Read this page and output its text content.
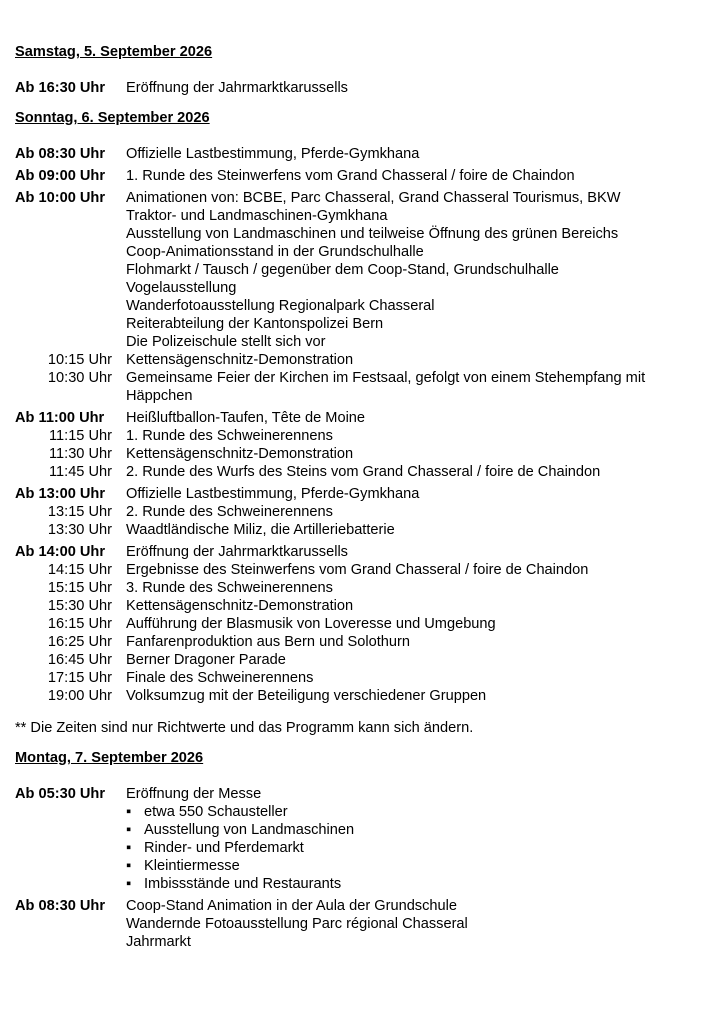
Samstag, 5. September 2026
Ab 16:30 Uhr	Eröffnung der Jahrmarktkarussells
Sonntag, 6. September 2026
Ab 08:30 Uhr	Offizielle Lastbestimmung, Pferde-Gymkhana
Ab 09:00 Uhr	1. Runde des Steinwerfens vom Grand Chasseral / foire de Chaindon
Ab 10:00 Uhr	Animationen von: BCBE, Parc Chasseral, Grand Chasseral Tourismus, BKW
Traktor- und Landmaschinen-Gymkhana
Ausstellung von Landmaschinen und teilweise Öffnung des grünen Bereichs
Coop-Animationsstand in der Grundschulhalle
Flohmarkt / Tausch / gegenüber dem Coop-Stand, Grundschulhalle
Vogelausstellung
Wanderfotoausstellung Regionalpark Chasseral
Reiterabteilung der Kantonspolizei Bern
Die Polizeischule stellt sich vor
10:15 Uhr Kettensägenschnitz-Demonstration
10:30 Uhr Gemeinsame Feier der Kirchen im Festsaal, gefolgt von einem Stehempfang mit
Häppchen
Ab 11:00 Uhr	Heißluftballon-Taufen, Tête de Moine
11:15 Uhr 1. Runde des Schweinerennens
11:30 Uhr Kettensägenschnitz-Demonstration
11:45 Uhr 2. Runde des Wurfs des Steins vom Grand Chasseral / foire de Chaindon
Ab 13:00 Uhr	Offizielle Lastbestimmung, Pferde-Gymkhana
13:15 Uhr 2. Runde des Schweinerennens
13:30 Uhr Waadtländische Miliz, die Artilleriebatterie
Ab 14:00 Uhr	Eröffnung der Jahrmarktkarussells
14:15 Uhr Ergebnisse des Steinwerfens vom Grand Chasseral / foire de Chaindon
15:15 Uhr 3. Runde des Schweinerennens
15:30 Uhr Kettensägenschnitz-Demonstration
16:15 Uhr Aufführung der Blasmusik von Loveresse und Umgebung
16:25 Uhr Fanfarenproduktion aus Bern und Solothurn
16:45 Uhr Berner Dragoner Parade
17:15 Uhr Finale des Schweinerennens
19:00 Uhr Volksumzug mit der Beteiligung verschiedener Gruppen
** Die Zeiten sind nur Richtwerte und das Programm kann sich ändern.
Montag, 7. September 2026
Ab 05:30 Uhr	Eröffnung der Messe
▪ etwa 550 Schausteller
▪ Ausstellung von Landmaschinen
▪ Rinder- und Pferdemarkt
▪ Kleintiermesse
▪ Imbissstände und Restaurants
Ab 08:30 Uhr	Coop-Stand Animation in der Aula der Grundschule
Wandernde Fotoausstellung Parc régional Chasseral
Jahrmarkt
